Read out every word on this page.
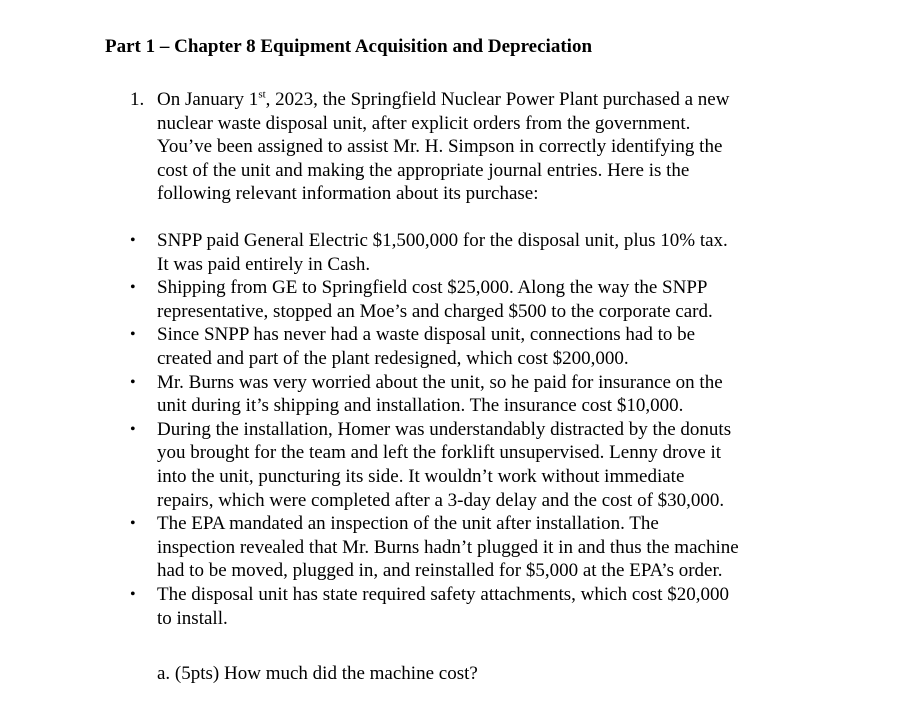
Part 1 – Chapter 8 Equipment Acquisition and Depreciation
1. On January 1st, 2023, the Springfield Nuclear Power Plant purchased a new
nuclear waste disposal unit, after explicit orders from the government.
You’ve been assigned to assist Mr. H. Simpson in correctly identifying the
cost of the unit and making the appropriate journal entries. Here is the
following relevant information about its purchase:
• SNPP paid General Electric $1,500,000 for the disposal unit, plus 10% tax.
It was paid entirely in Cash.
• Shipping from GE to Springfield cost $25,000. Along the way the SNPP
representative, stopped an Moe’s and charged $500 to the corporate card.
• Since SNPP has never had a waste disposal unit, connections had to be
created and part of the plant redesigned, which cost $200,000.
• Mr. Burns was very worried about the unit, so he paid for insurance on the
unit during it’s shipping and installation. The insurance cost $10,000.
• During the installation, Homer was understandably distracted by the donuts
you brought for the team and left the forklift unsupervised. Lenny drove it
into the unit, puncturing its side. It wouldn’t work without immediate
repairs, which were completed after a 3-day delay and the cost of $30,000.
• The EPA mandated an inspection of the unit after installation. The
inspection revealed that Mr. Burns hadn’t plugged it in and thus the machine
had to be moved, plugged in, and reinstalled for $5,000 at the EPA’s order.
• The disposal unit has state required safety attachments, which cost $20,000
to install.
a. (5pts) How much did the machine cost?
